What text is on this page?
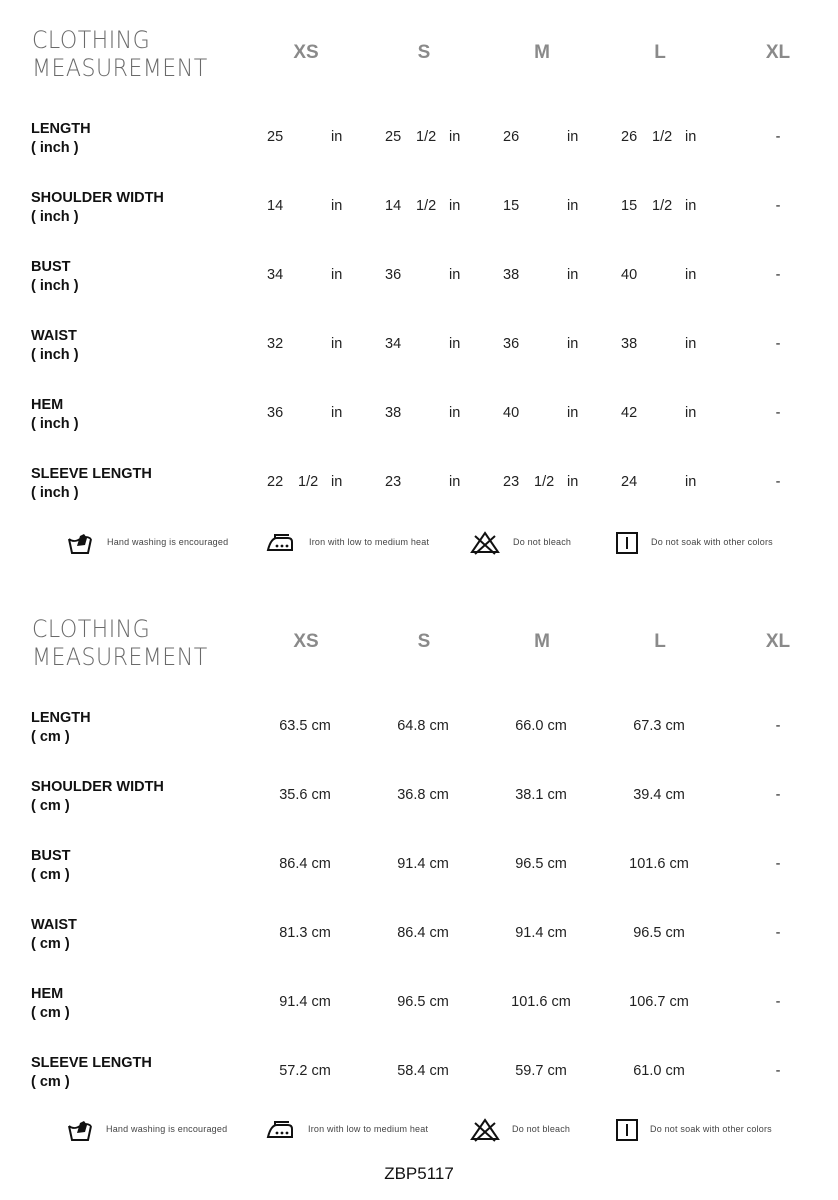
CLOTHING
MEASUREMENT
XS	S	M	L	XL
LENGTH
( inch )
25	in	25 1/2 in	26	in	26 1/2 in	-
SHOULDER WIDTH
( inch )
14	in	14 1/2 in	15	in	15 1/2 in	-
BUST
( inch )
34	in	36	in	38	in	40	in	-
WAIST
( inch )
32	in	34	in	36	in	38	in	-
HEM
( inch )
36	in	38	in	40	in	42	in	-
SLEEVE LENGTH
( inch )
22 1/2 in	23	in	23 1/2 in	24	in	-
Hand washing is encouraged	Iron with low to medium heat	Do not bleach	Do not soak with other colors
CLOTHING
MEASUREMENT
XS	S	M	L	XL
LENGTH
( cm )
63.5 cm	64.8 cm	66.0 cm	67.3 cm	-
SHOULDER WIDTH
( cm )
35.6 cm	36.8 cm	38.1 cm	39.4 cm	-
BUST
( cm )
86.4 cm	91.4 cm	96.5 cm	101.6 cm	-
WAIST
( cm )
81.3 cm	86.4 cm	91.4 cm	96.5 cm	-
HEM
( cm )
91.4 cm	96.5 cm	101.6 cm	106.7 cm	-
SLEEVE LENGTH
( cm )
57.2 cm	58.4 cm	59.7 cm	61.0 cm	-
Hand washing is encouraged	Iron with low to medium heat	Do not bleach	Do not soak with other colors
ZBP5117
